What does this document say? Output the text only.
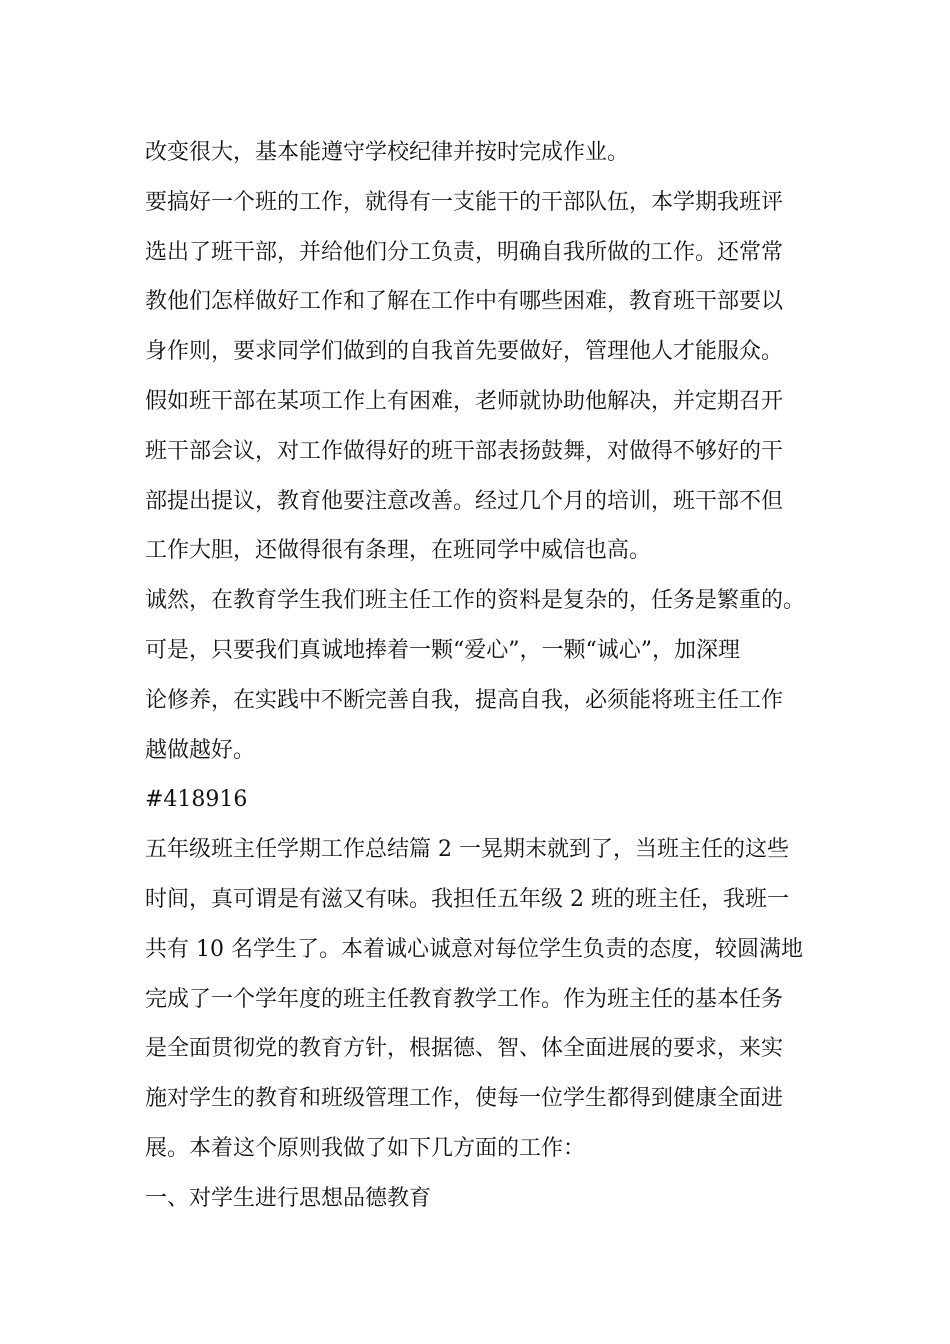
改变很大，基本能遵守学校纪律并按时完成作业。
要搞好一个班的工作，就得有一支能干的干部队伍，本学期我班评
选出了班干部，并给他们分工负责，明确自我所做的工作。还常常
教他们怎样做好工作和了解在工作中有哪些困难，教育班干部要以
身作则，要求同学们做到的自我首先要做好，管理他人才能服众。
假如班干部在某项工作上有困难，老师就协助他解决，并定期召开
班干部会议，对工作做得好的班干部表扬鼓舞，对做得不够好的干
部提出提议，教育他要注意改善。经过几个月的培训，班干部不但
工作大胆，还做得很有条理，在班同学中威信也高。
诚然，在教育学生我们班主任工作的资料是复杂的，任务是繁重的。
可是，只要我们真诚地捧着一颗“爱心”，一颗“诚心”，加深理
论修养，在实践中不断完善自我，提高自我，必须能将班主任工作
越做越好。
#418916
五年级班主任学期工作总结篇 2 一晃期末就到了，当班主任的这些
时间，真可谓是有滋又有味。我担任五年级 2 班的班主任，我班一
共有 10 名学生了。本着诚心诚意对每位学生负责的态度，较圆满地
完成了一个学年度的班主任教育教学工作。作为班主任的基本任务
是全面贯彻党的教育方针，根据德、智、体全面进展的要求，来实
施对学生的教育和班级管理工作，使每一位学生都得到健康全面进
展。本着这个原则我做了如下几方面的工作：
一、对学生进行思想品德教育
